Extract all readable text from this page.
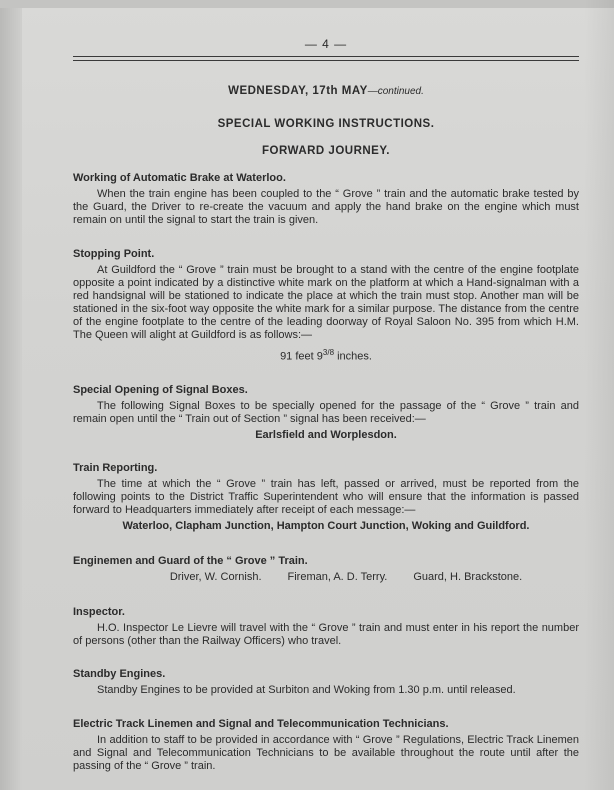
— 4 —
WEDNESDAY, 17th MAY—continued.
SPECIAL WORKING INSTRUCTIONS.
FORWARD JOURNEY.
Working of Automatic Brake at Waterloo.

When the train engine has been coupled to the “ Grove ” train and the automatic brake tested by the Guard, the Driver to re-create the vacuum and apply the hand brake on the engine which must remain on until the signal to start the train is given.

Stopping Point.

At Guildford the “ Grove ” train must be brought to a stand with the centre of the engine footplate opposite a point indicated by a distinctive white mark on the platform at which a Hand-signalman with a red handsignal will be stationed to indicate the place at which the train must stop. Another man will be stationed in the six-foot way opposite the white mark for a similar purpose. The distance from the centre of the engine footplate to the centre of the leading doorway of Royal Saloon No. 395 from which H.M. The Queen will alight at Guildford is as follows:—

91 feet $9^{3/8}$ inches.
Special Opening of Signal Boxes.

The following Signal Boxes to be specially opened for the passage of the “ Grove ” train and remain open until the “ Train out of Section ” signal has been received:—

Earlsfield and Worplesdon.
Train Reporting.

The time at which the “ Grove ” train has left, passed or arrived, must be reported from the following points to the District Traffic Superintendent who will ensure that the information is passed forward to Headquarters immediately after receipt of each message:—

Waterloo, Clapham Junction, Hampton Court Junction, Woking and Guildford.
Enginemen and Guard of the “ Grove ” Train.
Driver, W. Cornish. Fireman, A. D. Terry. Guard, H. Brackstone.
Inspector.

H.O. Inspector Le Lievre will travel with the “ Grove ” train and must enter in his report the number of persons (other than the Railway Officers) who travel.

Standby Engines.

Standby Engines to be provided at Surbiton and Woking from 1.30 p.m. until released.

Electric Track Linemen and Signal and Telecommunication Technicians.

In addition to staff to be provided in accordance with “ Grove ” Regulations, Electric Track Linemen and Signal and Telecommunication Technicians to be available throughout the route until after the passing of the “ Grove ” train.
